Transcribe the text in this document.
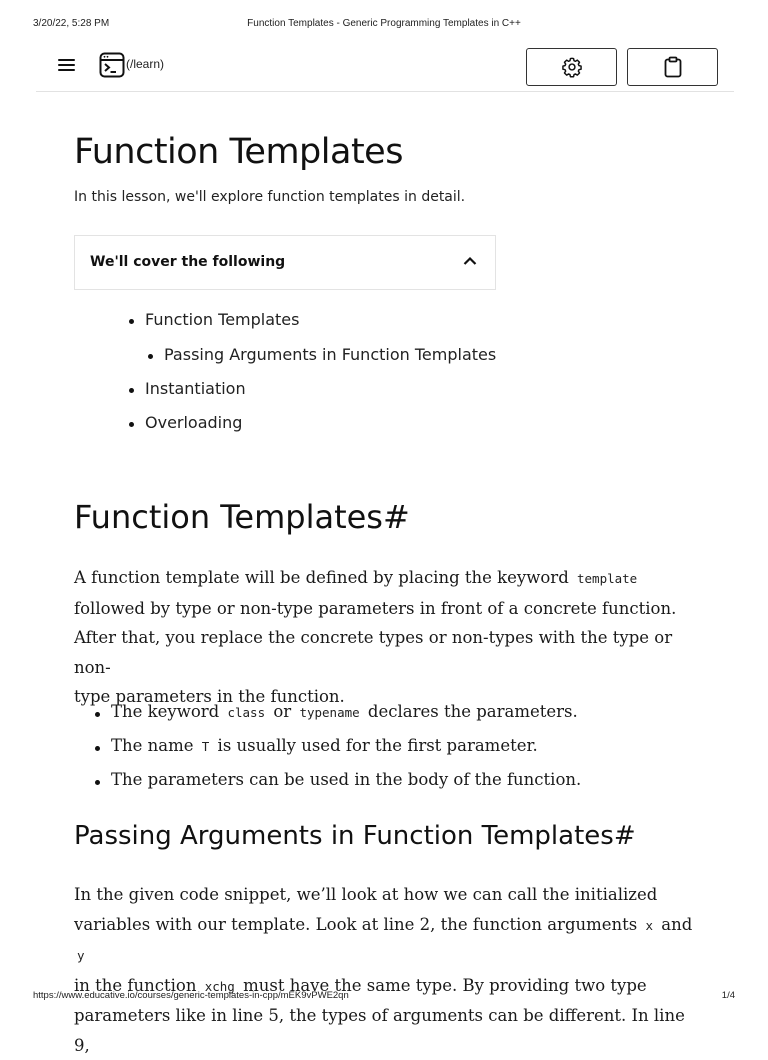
3/20/22, 5:28 PM	Function Templates - Generic Programming Templates in C++
(/learn)
Function Templates

In this lesson, we'll explore function templates in detail.

We'll cover the following
Function Templates
Passing Arguments in Function Templates
Instantiation
Overloading
Function Templates#
A function template will be defined by placing the keyword template
followed by type or non-type parameters in front of a concrete function.
After that, you replace the concrete types or non-types with the type or non-
type parameters in the function.
The keyword class or typename declares the parameters.
The name T is usually used for the first parameter.
The parameters can be used in the body of the function.
Passing Arguments in Function Templates#
In the given code snippet, we’ll look at how we can call the initialized
variables with our template. Look at line 2, the function arguments x and y
in the function xchg must have the same type. By providing two type
parameters like in line 5, the types of arguments can be different. In line 9,
https://www.educative.io/courses/generic-templates-in-cpp/mEK9vPWE2qn	1/4
